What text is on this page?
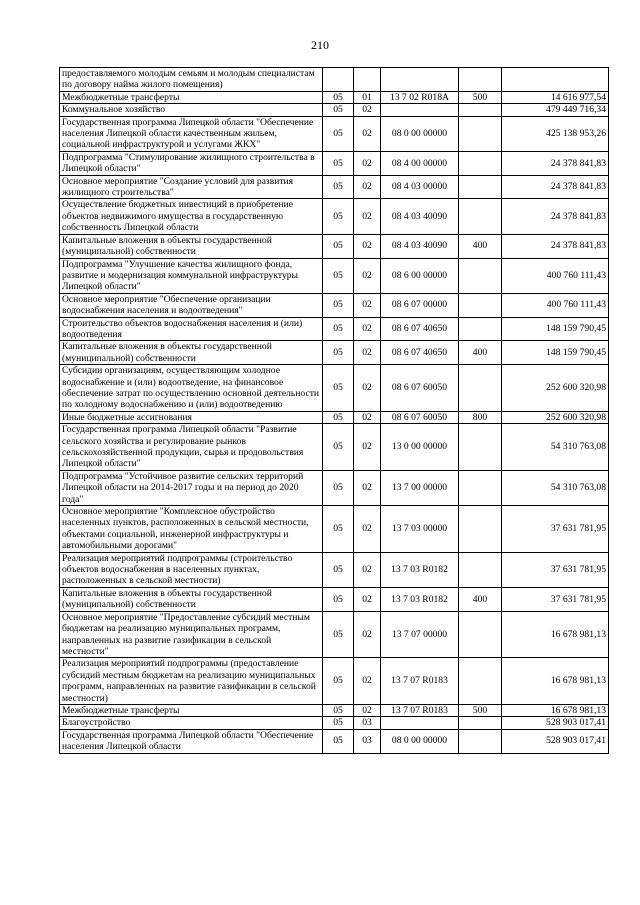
210
предоставляемого молодым семьям и молодым специалистам по договору найма жилого помещения)					
Межбюджетные трансферты	05	01	13 7 02 R018A	500	14 616 977,54
Коммунальное хозяйство	05	02			479 449 716,34
Государственная программа Липецкой области "Обеспечение населения Липецкой области качественным жильем, социальной инфраструктурой и услугами ЖКХ"	05	02	08 0 00 00000		425 138 953,26
Подпрограмма "Стимулирование жилищного строительства в Липецкой области"	05	02	08 4 00 00000		24 378 841,83
Основное мероприятие "Создание условий для развития жилищного строительства"	05	02	08 4 03 00000		24 378 841,83
Осуществление бюджетных инвестиций в приобретение объектов недвижимого имущества в государственную собственность Липецкой области	05	02	08 4 03 40090		24 378 841,83
Капитальные вложения в объекты государственной (муниципальной) собственности	05	02	08 4 03 40090	400	24 378 841,83
Подпрограмма "Улучшение качества жилищного фонда, развитие и модернизация коммунальной инфраструктуры Липецкой области"	05	02	08 6 00 00000		400 760 111,43
Основное мероприятие "Обеспечение организации водоснабжения населения и водоотведения"	05	02	08 6 07 00000		400 760 111,43
Строительство объектов водоснабжения населения и (или) водоотведения	05	02	08 6 07 40650		148 159 790,45
Капитальные вложения в объекты государственной (муниципальной) собственности	05	02	08 6 07 40650	400	148 159 790,45
Субсидии организациям, осуществляющим холодное водоснабжение и (или) водоотведение, на финансовое обеспечение затрат по осуществлению основной деятельности по холодному водоснабжению и (или) водоотведению	05	02	08 6 07 60050		252 600 320,98
Иные бюджетные ассигнования	05	02	08 6 07 60050	800	252 600 320,98
Государственная программа Липецкой области "Развитие сельского хозяйства и регулирование рынков сельскохозяйственной продукции, сырья и продовольствия Липецкой области"	05	02	13 0 00 00000		54 310 763,08
Подпрограмма "Устойчивое развитие сельских территорий Липецкой области на 2014-2017 годы и на период до 2020 года"	05	02	13 7 00 00000		54 310 763,08
Основное мероприятие "Комплексное обустройство населенных пунктов, расположенных в сельской местности, объектами социальной, инженерной инфраструктуры и автомобильными дорогами"	05	02	13 7 03 00000		37 631 781,95
Реализация мероприятий подпрограммы (строительство объектов водоснабжения в населенных пунктах, расположенных в сельской местности)	05	02	13 7 03 R0182		37 631 781,95
Капитальные вложения в объекты государственной (муниципальной) собственности	05	02	13 7 03 R0182	400	37 631 781,95
Основное мероприятие "Предоставление субсидий местным бюджетам на реализацию муниципальных программ, направленных на развитие газификации в сельской местности"	05	02	13 7 07 00000		16 678 981,13
Реализация мероприятий подпрограммы (предоставление субсидий местным бюджетам на реализацию муниципальных программ, направленных на развитие газификации в сельской местности)	05	02	13 7 07 R0183		16 678 981,13
Межбюджетные трансферты	05	02	13 7 07 R0183	500	16 678 981,13
Благоустройство	05	03			528 903 017,41
Государственная программа Липецкой области "Обеспечение населения Липецкой области	05	03	08 0 00 00000		528 903 017,41
